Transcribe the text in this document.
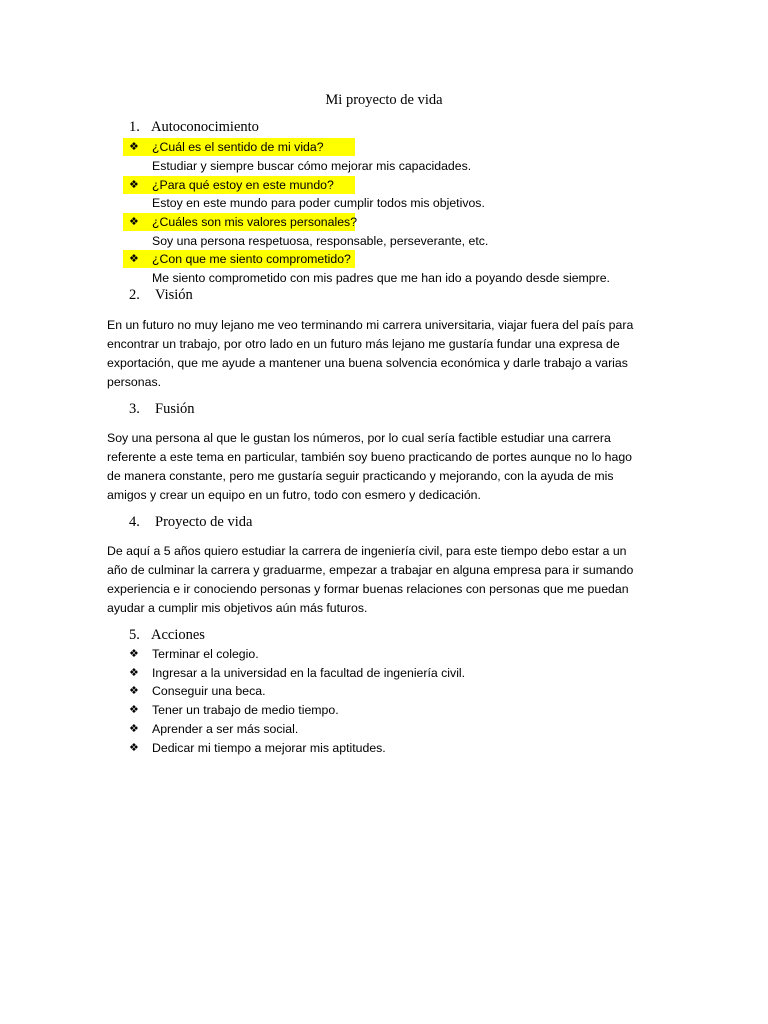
Mi proyecto de vida
1. Autoconocimiento
❖ ¿Cuál es el sentido de mi vida?
Estudiar y siempre buscar cómo mejorar mis capacidades.
❖ ¿Para qué estoy en este mundo?
Estoy en este mundo para poder cumplir todos mis objetivos.
❖ ¿Cuáles son mis valores personales?
Soy una persona respetuosa, responsable, perseverante, etc.
❖ ¿Con que me siento comprometido?
Me siento comprometido con mis padres que me han ido a poyando desde siempre.
2. Visión
En un futuro no muy lejano me veo terminando mi carrera universitaria, viajar fuera del país para
encontrar un trabajo, por otro lado en un futuro más lejano me gustaría fundar una expresa de
exportación, que me ayude a mantener una buena solvencia económica y darle trabajo a varias
personas.
3. Fusión
Soy una persona al que le gustan los números, por lo cual sería factible estudiar una carrera
referente a este tema en particular, también soy bueno practicando de portes aunque no lo hago
de manera constante, pero me gustaría seguir practicando y mejorando, con la ayuda de mis
amigos y crear un equipo en un futro, todo con esmero y dedicación.
4. Proyecto de vida
De aquí a 5 años quiero estudiar la carrera de ingeniería civil, para este tiempo debo estar a un
año de culminar la carrera y graduarme, empezar a trabajar en alguna empresa para ir sumando
experiencia e ir conociendo personas y formar buenas relaciones con personas que me puedan
ayudar a cumplir mis objetivos aún más futuros.
5. Acciones
❖ Terminar el colegio.
❖ Ingresar a la universidad en la facultad de ingeniería civil.
❖ Conseguir una beca.
❖ Tener un trabajo de medio tiempo.
❖ Aprender a ser más social.
❖ Dedicar mi tiempo a mejorar mis aptitudes.
